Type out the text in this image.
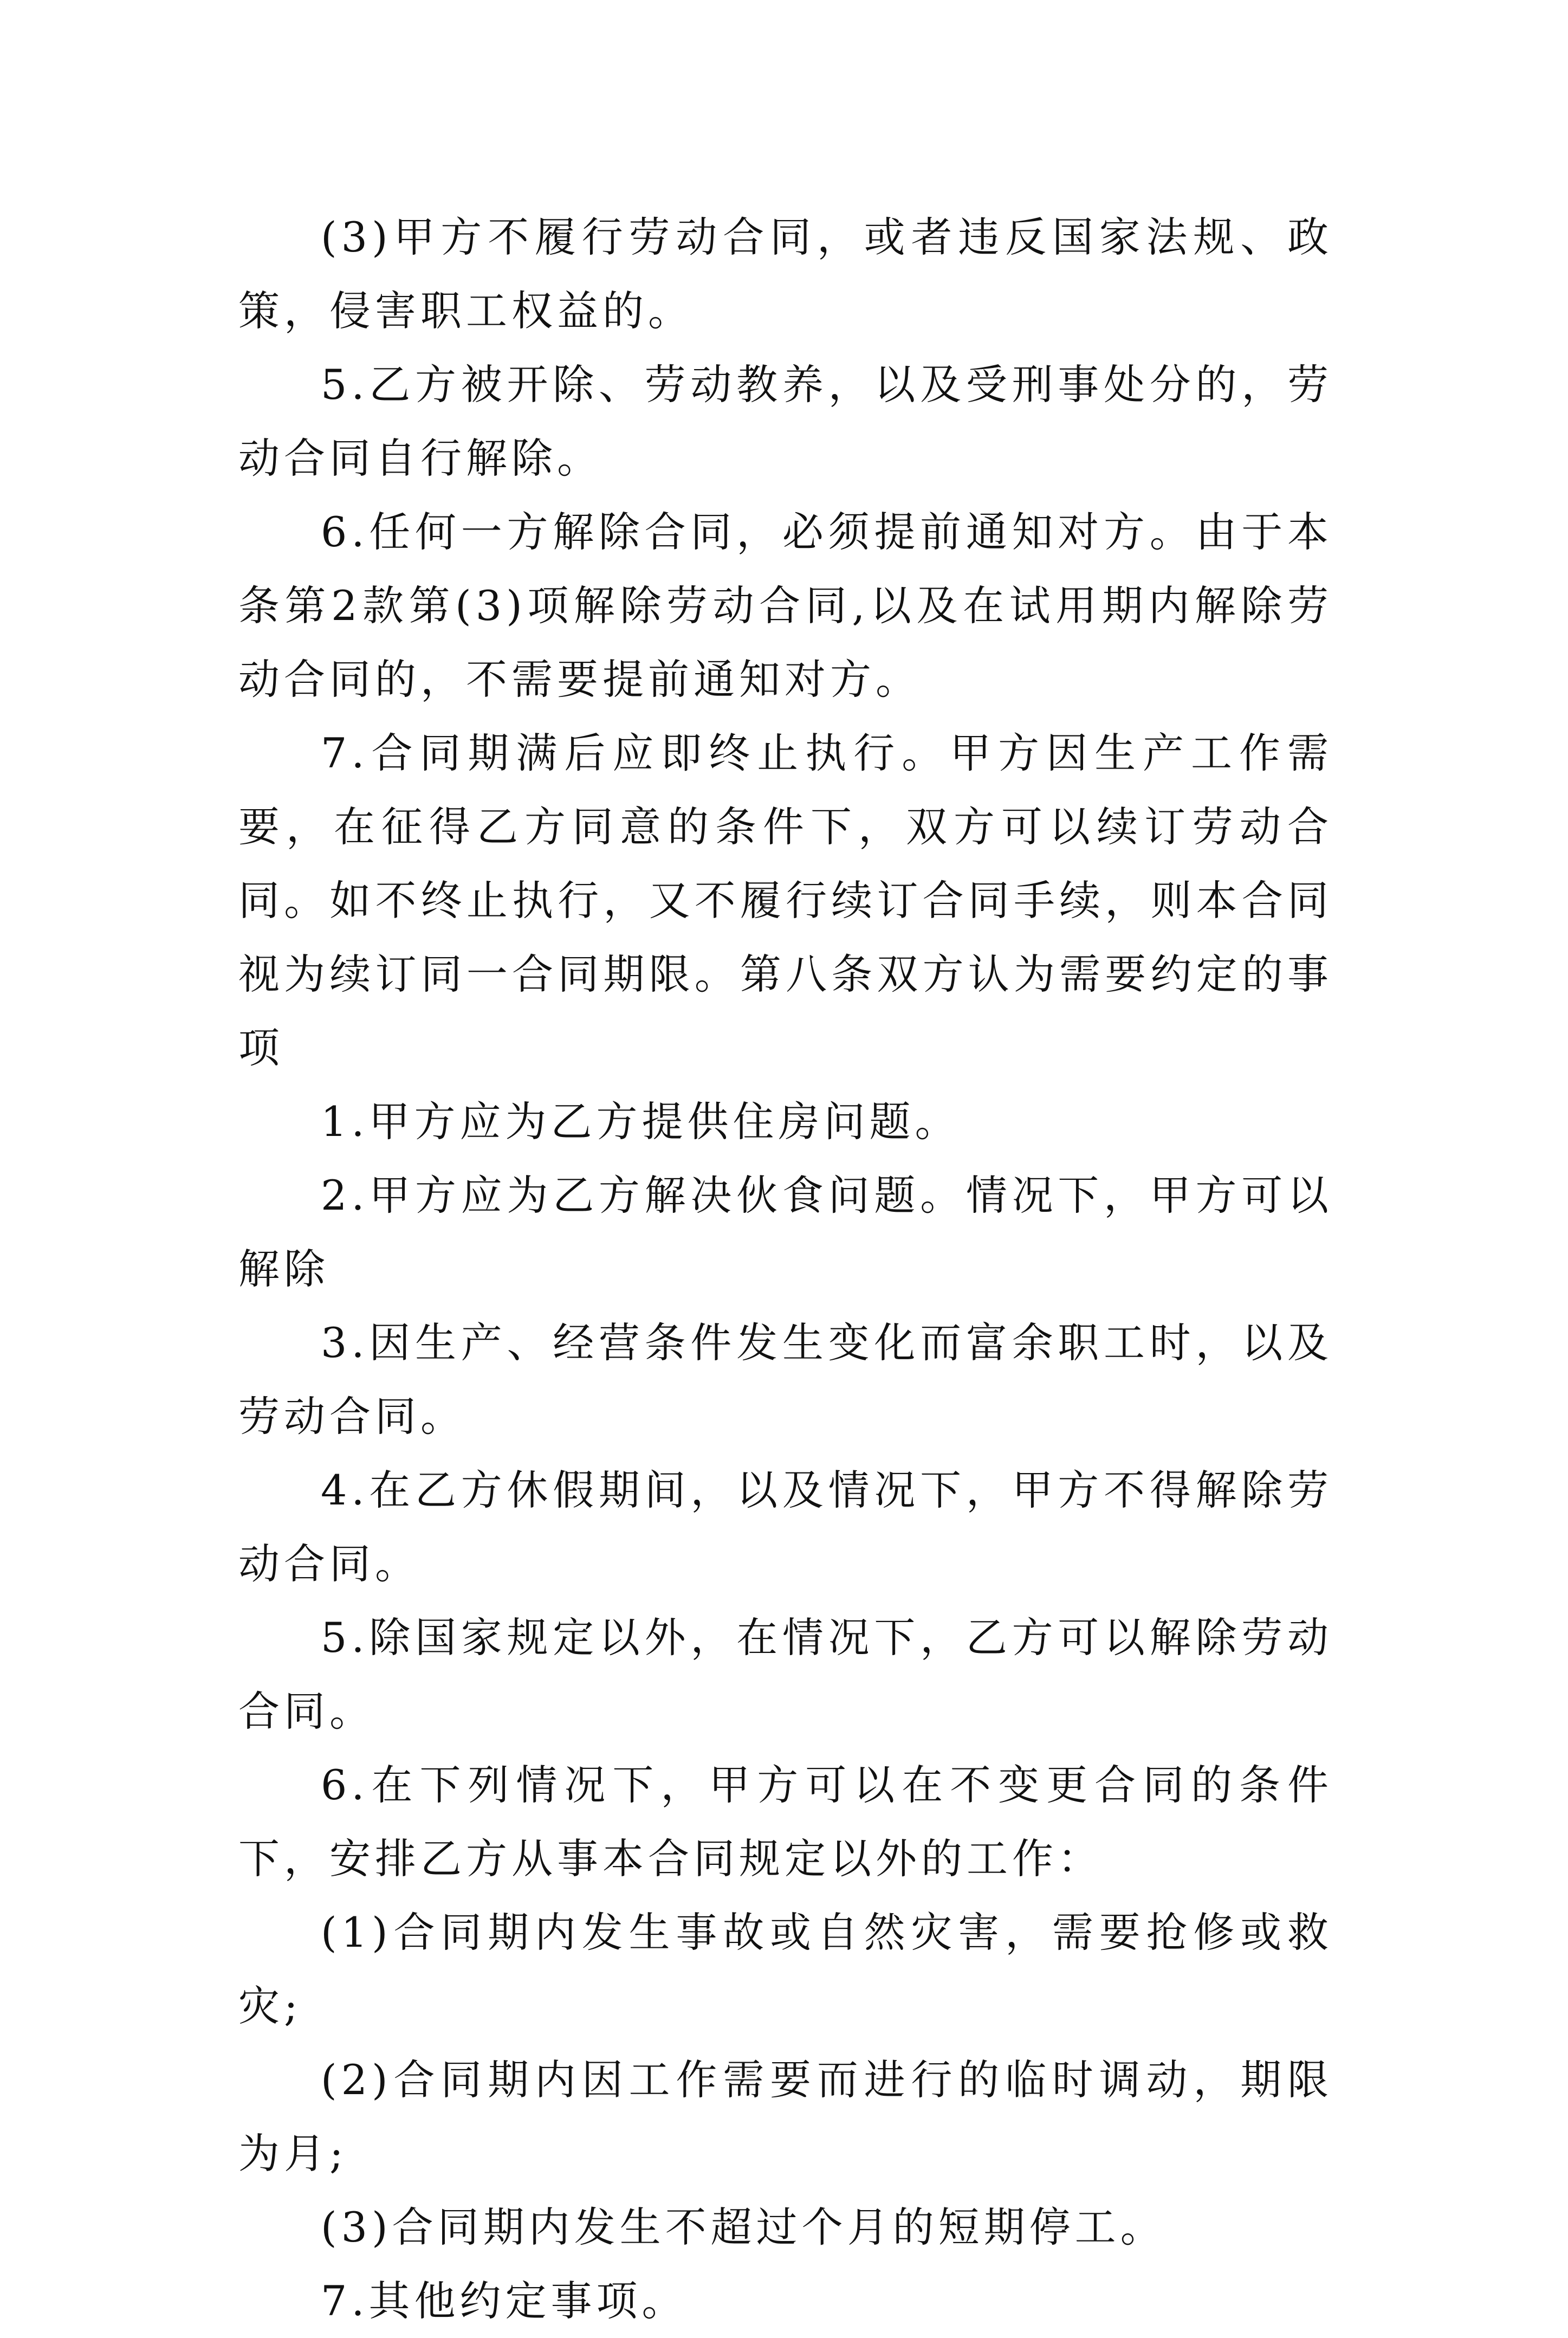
(3)甲方不履行劳动合同，或者违反国家法规、政策，侵害职工权益的。

5.乙方被开除、劳动教养，以及受刑事处分的，劳动合同自行解除。

6.任何一方解除合同，必须提前通知对方。由于本条第2款第(3)项解除劳动合同,以及在试用期内解除劳动合同的，不需要提前通知对方。

7.合同期满后应即终止执行。甲方因生产工作需要，在征得乙方同意的条件下，双方可以续订劳动合同。如不终止执行，又不履行续订合同手续，则本合同视为续订同一合同期限。第八条双方认为需要约定的事项

1.甲方应为乙方提供住房问题。

2.甲方应为乙方解决伙食问题。情况下，甲方可以解除

3.因生产、经营条件发生变化而富余职工时，以及劳动合同。

4.在乙方休假期间，以及情况下，甲方不得解除劳动合同。

5.除国家规定以外，在情况下，乙方可以解除劳动合同。

6.在下列情况下，甲方可以在不变更合同的条件下，安排乙方从事本合同规定以外的工作：

(1)合同期内发生事故或自然灾害，需要抢修或救灾;

(2)合同期内因工作需要而进行的临时调动，期限为月;

(3)合同期内发生不超过个月的短期停工。

7.其他约定事项。
